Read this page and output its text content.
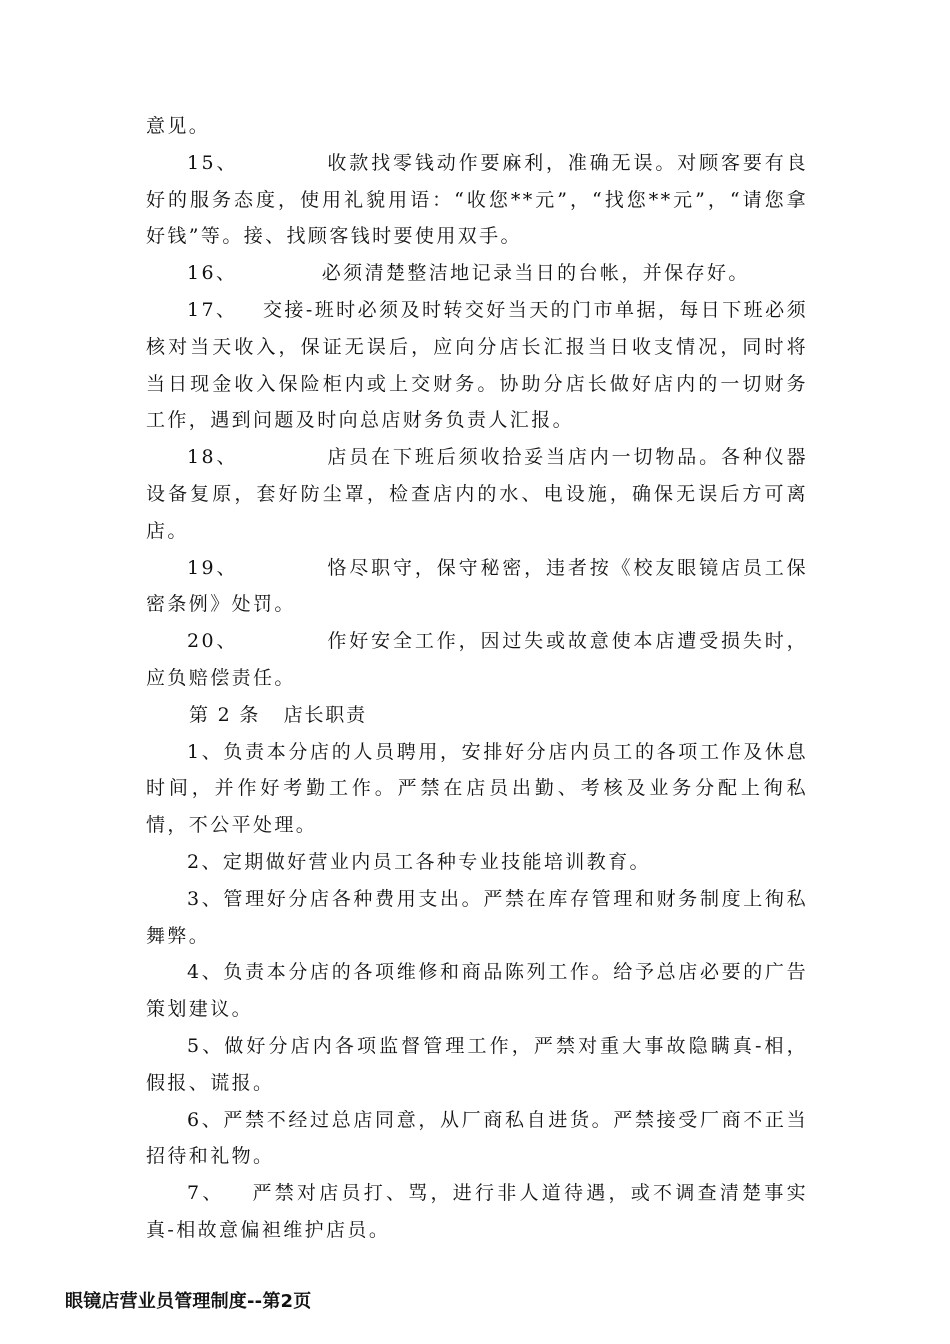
意见。

15、          收款找零钱动作要麻利，准确无误。对顾客要有良好的服务态度，使用礼貌用语：“收您**元”，“找您**元”，“请您拿好钱”等。接、找顾客钱时要使用双手。

16、          必须清楚整洁地记录当日的台帐，并保存好。

17、   交接-班时必须及时转交好当天的门市单据，每日下班必须核对当天收入，保证无误后，应向分店长汇报当日收支情况，同时将当日现金收入保险柜内或上交财务。协助分店长做好店内的一切财务工作，遇到问题及时向总店财务负责人汇报。

18、          店员在下班后须收拾妥当店内一切物品。各种仪器设备复原，套好防尘罩，检查店内的水、电设施，确保无误后方可离店。

19、          恪尽职守，保守秘密，违者按《校友眼镜店员工保密条例》处罚。

20、          作好安全工作，因过失或故意使本店遭受损失时，应负赔偿责任。

第 2 条   店长职责

1、负责本分店的人员聘用，安排好分店内员工的各项工作及休息时间，并作好考勤工作。严禁在店员出勤、考核及业务分配上徇私情，不公平处理。

2、定期做好营业内员工各种专业技能培训教育。

3、管理好分店各种费用支出。严禁在库存管理和财务制度上徇私舞弊。

4、负责本分店的各项维修和商品陈列工作。给予总店必要的广告策划建议。

5、做好分店内各项监督管理工作，严禁对重大事故隐瞒真-相，假报、谎报。

6、严禁不经过总店同意，从厂商私自进货。严禁接受厂商不正当招待和礼物。

7、   严禁对店员打、骂，进行非人道待遇，或不调查清楚事实真-相故意偏袒维护店员。

眼镜店营业员管理制度--第2页
